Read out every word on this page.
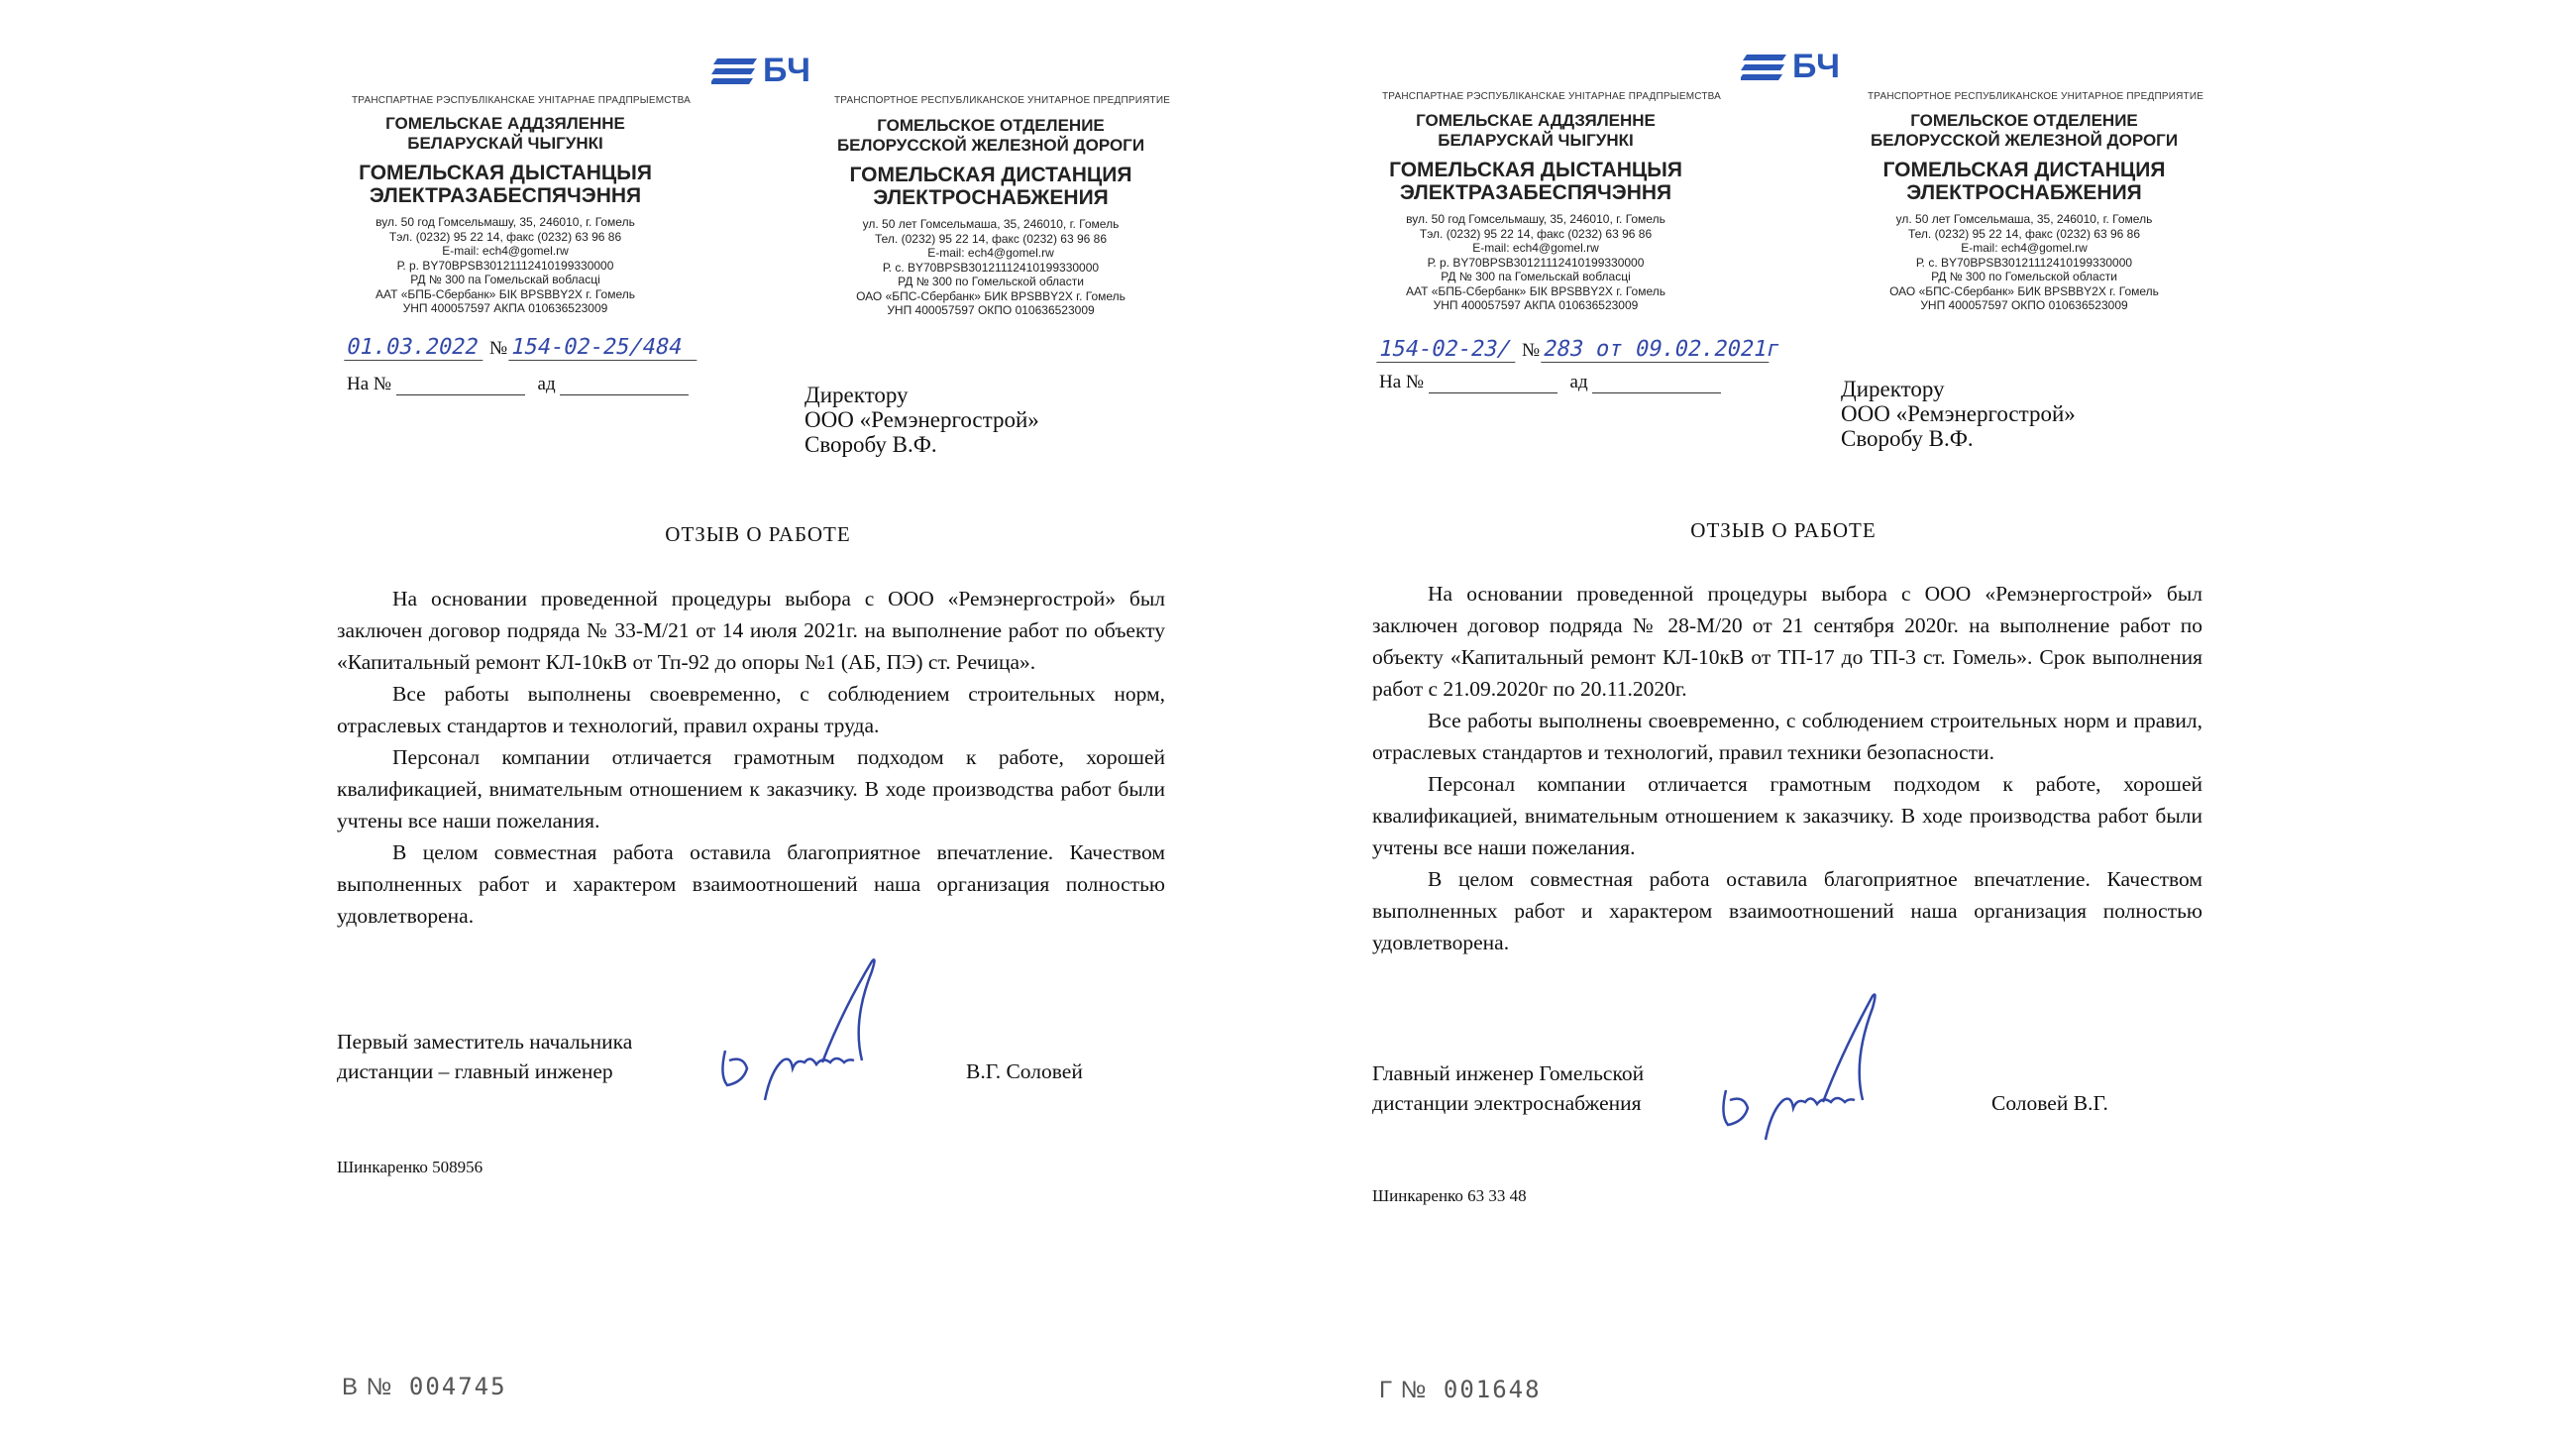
ТРАНСПАРТНАЕ РЭСПУБЛІКАНСКАЕ УНІТАРНАЕ ПРАДПРЫЕМСТВА
БЧ
ТРАНСПОРТНОЕ РЕСПУБЛИКАНСКОЕ УНИТАРНОЕ ПРЕДПРИЯТИЕ
ГОМЕЛЬСКАЕ АДДЗЯЛЕННЕ
БЕЛАРУСКАЙ ЧЫГУНКІ
ГОМЕЛЬСКАЯ ДЫСТАНЦЫЯ
ЭЛЕКТРАЗАБЕСПЯЧЭННЯ
вул. 50 год Гомсельмашу, 35, 246010, г. Гомель
Тэл. (0232) 95 22 14, факс (0232) 63 96 86
E-mail: ech4@gomel.rw
Р. р. BY70BPSB30121112410199330000
РД № 300 па Гомельскай вобласці
ААТ «БПБ-Сбербанк» БІК BPSBBY2X г. Гомель
УНП 400057597 АКПА 010636523009
ГОМЕЛЬСКОЕ ОТДЕЛЕНИЕ
БЕЛОРУССКОЙ ЖЕЛЕЗНОЙ ДОРОГИ
ГОМЕЛЬСКАЯ ДИСТАНЦИЯ
ЭЛЕКТРОСНАБЖЕНИЯ
ул. 50 лет Гомсельмаша, 35, 246010, г. Гомель
Тел. (0232) 95 22 14, факс (0232) 63 96 86
E-mail: ech4@gomel.rw
Р. с. BY70BPSB30121112410199330000
РД № 300 по Гомельской области
ОАО «БПС-Сбербанк» БИК BPSBBY2X г. Гомель
УНП 400057597 ОКПО 010636523009
01.03.2022 № 154-02-25/484
На №	ад	Директору
ООО «Ремэнергострой»
Своробу В.Ф.
ОТЗЫВ О РАБОТЕ

На основании проведенной процедуры выбора с ООО «Ремэнергострой» был заключен договор подряда № 33-М/21 от 14 июля 2021г. на выполнение работ по объекту «Капитальный ремонт КЛ-10кВ от Тп-92 до опоры №1 (АБ, ПЭ) ст. Речица».

Все работы выполнены своевременно, с соблюдением строительных норм, отраслевых стандартов и технологий, правил охраны труда.

Персонал компании отличается грамотным подходом к работе, хорошей квалификацией, внимательным отношением к заказчику. В ходе производства работ были учтены все наши пожелания.

В целом совместная работа оставила благоприятное впечатление. Качеством выполненных работ и характером взаимоотношений наша организация полностью удовлетворена.

Первый заместитель начальника
дистанции – главный инженер	В.Г. Соловей
Шинкаренко 508956
В № 004745
ТРАНСПАРТНАЕ РЭСПУБЛІКАНСКАЕ УНІТАРНАЕ ПРАДПРЫЕМСТВА
БЧ
ТРАНСПОРТНОЕ РЕСПУБЛИКАНСКОЕ УНИТАРНОЕ ПРЕДПРИЯТИЕ
ГОМЕЛЬСКАЕ АДДЗЯЛЕННЕ
БЕЛАРУСКАЙ ЧЫГУНКІ
ГОМЕЛЬСКАЯ ДЫСТАНЦЫЯ
ЭЛЕКТРАЗАБЕСПЯЧЭННЯ
вул. 50 год Гомсельмашу, 35, 246010, г. Гомель
Тэл. (0232) 95 22 14, факс (0232) 63 96 86
E-mail: ech4@gomel.rw
Р. р. BY70BPSB30121112410199330000
РД № 300 па Гомельскай вобласці
ААТ «БПБ-Сбербанк» БІК BPSBBY2X г. Гомель
УНП 400057597 АКПА 010636523009
ГОМЕЛЬСКОЕ ОТДЕЛЕНИЕ
БЕЛОРУССКОЙ ЖЕЛЕЗНОЙ ДОРОГИ
ГОМЕЛЬСКАЯ ДИСТАНЦИЯ
ЭЛЕКТРОСНАБЖЕНИЯ
ул. 50 лет Гомсельмаша, 35, 246010, г. Гомель
Тел. (0232) 95 22 14, факс (0232) 63 96 86
E-mail: ech4@gomel.rw
Р. с. BY70BPSB30121112410199330000
РД № 300 по Гомельской области
ОАО «БПС-Сбербанк» БИК BPSBBY2X г. Гомель
УНП 400057597 ОКПО 010636523009
154-02-23/ № 283 от 09.02.2021г
На №	ад	Директору
ООО «Ремэнергострой»
Своробу В.Ф.
ОТЗЫВ О РАБОТЕ

На основании проведенной процедуры выбора с ООО «Ремэнергострой» был заключен договор подряда № 28-М/20 от 21 сентября 2020г. на выполнение работ по объекту «Капитальный ремонт КЛ-10кВ от ТП-17 до ТП-3 ст. Гомель». Срок выполнения работ с 21.09.2020г по 20.11.2020г.

Все работы выполнены своевременно, с соблюдением строительных норм и правил, отраслевых стандартов и технологий, правил техники безопасности.

Персонал компании отличается грамотным подходом к работе, хорошей квалификацией, внимательным отношением к заказчику. В ходе производства работ были учтены все наши пожелания.

В целом совместная работа оставила благоприятное впечатление. Качеством выполненных работ и характером взаимоотношений наша организация полностью удовлетворена.

Главный инженер Гомельской
дистанции электроснабжения	Соловей В.Г.
Шинкаренко 63 33 48
Г № 001648
